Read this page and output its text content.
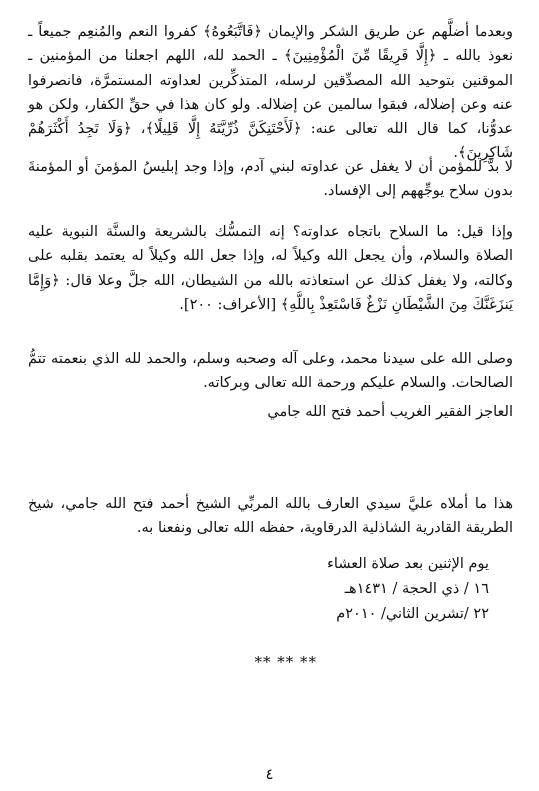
وبعدما أضلَّهم عن طريق الشكر والإيمان ﴿فَاتَّبَعُوهُ﴾ كفروا النعم والمُنعِم جميعاً ـ نعوذ بالله ـ ﴿إِلَّا فَرِيقًا مِّنَ الْمُؤْمِنِينَ﴾ ـ الحمد لله، اللهم اجعلنا من المؤمنين ـ الموقنين بتوحيد الله المصدِّقين لرسله، المتذكِّرين لعداوته المستمرَّة، فانصرفوا عنه وعن إضلاله، فبقوا سالمين عن إضلاله. ولو كان هذا في حقِّ الكفار، ولكن هو عدوُّنا، كما قال الله تعالى عنه: ﴿لَأَحْتَنِكَنَّ ذُرِّيَّتَهُ إِلَّا قَلِيلًا﴾، ﴿وَلَا تَجِدُ أَكْثَرَهُمْ شَاكِرِينَ﴾.

لا بدَّ للمؤمن أن لا يغفل عن عداوته لبني آدم، وإذا وجد إبليسُ المؤمنَ أو المؤمنةَ بدون سلاح يوجِّههم إلى الإفساد.

وإذا قيل: ما السلاح باتجاه عداوته؟ إنه التمسُّك بالشريعة والسنَّة النبوية عليه الصلاة والسلام، وأن يجعل الله وكيلاً له، وإذا جعل الله وكيلاً له يعتمد بقلبه على وكالته، ولا يغفل كذلك عن استعاذته بالله من الشيطان، الله جلَّ وعلا قال: ﴿وَإِمَّا يَنزَغَنَّكَ مِنَ الشَّيْطَانِ نَزْغٌ فَاسْتَعِذْ بِاللَّهِ﴾ [الأعراف: ٢٠٠].

وصلى الله على سيدنا محمد، وعلى آله وصحبه وسلم، والحمد لله الذي بنعمته تتمُّ الصالحات. والسلام عليكم ورحمة الله تعالى وبركاته.

العاجز الفقير الغريب أحمد فتح الله جامي

هذا ما أملاه عليَّ سيدي العارف بالله المربِّي الشيخ أحمد فتح الله جامي، شيخ الطريقة القادرية الشاذلية الدرقاوية، حفظه الله تعالى ونفعنا به.

يوم الإثنين بعد صلاة العشاء
١٦ / ذي الحجة / ١٤٣١هـ
٢٢ /تشرين الثاني/ ٢٠١٠م
** ** **
٤
